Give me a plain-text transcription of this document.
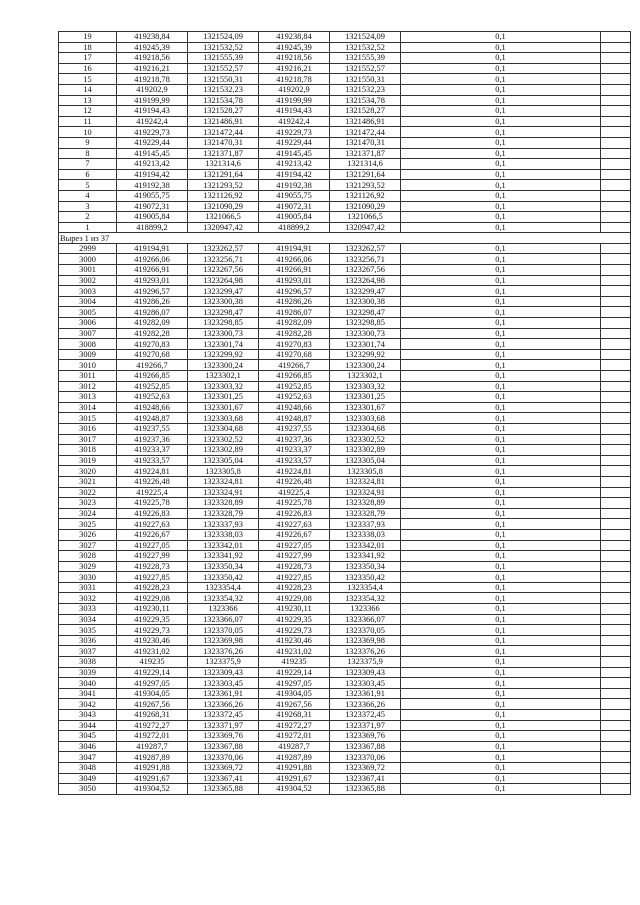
19	419238,84	1321524,09	419238,84	1321524,09	0,1	
18	419245,39	1321532,52	419245,39	1321532,52	0,1	
17	419218,56	1321555,39	419218,56	1321555,39	0,1	
16	419216,21	1321552,57	419216,21	1321552,57	0,1	
15	419218,78	1321550,31	419218,78	1321550,31	0,1	
14	419202,9	1321532,23	419202,9	1321532,23	0,1	
13	419199,99	1321534,78	419199,99	1321534,78	0,1	
12	419194,43	1321528,27	419194,43	1321528,27	0,1	
11	419242,4	1321486,91	419242,4	1321486,91	0,1	
10	419229,73	1321472,44	419229,73	1321472,44	0,1	
9	419229,44	1321470,31	419229,44	1321470,31	0,1	
8	419145,45	1321371,87	419145,45	1321371,87	0,1	
7	419213,42	1321314,6	419213,42	1321314,6	0,1	
6	419194,42	1321291,64	419194,42	1321291,64	0,1	
5	419192,38	1321293,52	419192,38	1321293,52	0,1	
4	419055,75	1321126,92	419055,75	1321126,92	0,1	
3	419072,31	1321090,29	419072,31	1321090,29	0,1	
2	419005,84	1321066,5	419005,84	1321066,5	0,1	
1	418899,2	1320947,42	418899,2	1320947,42	0,1	
Вырез 1 из 37						
2999	419194,91	1323262,57	419194,91	1323262,57	0,1	
3000	419266,06	1323256,71	419266,06	1323256,71	0,1	
3001	419266,91	1323267,56	419266,91	1323267,56	0,1	
3002	419293,01	1323264,98	419293,01	1323264,98	0,1	
3003	419296,57	1323299,47	419296,57	1323299,47	0,1	
3004	419286,26	1323300,38	419286,26	1323300,38	0,1	
3005	419286,07	1323298,47	419286,07	1323298,47	0,1	
3006	419282,09	1323298,85	419282,09	1323298,85	0,1	
3007	419282,28	1323300,73	419282,28	1323300,73	0,1	
3008	419270,83	1323301,74	419270,83	1323301,74	0,1	
3009	419270,68	1323299,92	419270,68	1323299,92	0,1	
3010	419266,7	1323300,24	419266,7	1323300,24	0,1	
3011	419266,85	1323302,1	419266,85	1323302,1	0,1	
3012	419252,85	1323303,32	419252,85	1323303,32	0,1	
3013	419252,63	1323301,25	419252,63	1323301,25	0,1	
3014	419248,66	1323301,67	419248,66	1323301,67	0,1	
3015	419248,87	1323303,68	419248,87	1323303,68	0,1	
3016	419237,55	1323304,68	419237,55	1323304,68	0,1	
3017	419237,36	1323302,52	419237,36	1323302,52	0,1	
3018	419233,37	1323302,89	419233,37	1323302,89	0,1	
3019	419233,57	1323305,04	419233,57	1323305,04	0,1	
3020	419224,81	1323305,8	419224,81	1323305,8	0,1	
3021	419226,48	1323324,81	419226,48	1323324,81	0,1	
3022	419225,4	1323324,91	419225,4	1323324,91	0,1	
3023	419225,78	1323328,89	419225,78	1323328,89	0,1	
3024	419226,83	1323328,79	419226,83	1323328,79	0,1	
3025	419227,63	1323337,93	419227,63	1323337,93	0,1	
3026	419226,67	1323338,03	419226,67	1323338,03	0,1	
3027	419227,05	1323342,01	419227,05	1323342,01	0,1	
3028	419227,99	1323341,92	419227,99	1323341,92	0,1	
3029	419228,73	1323350,34	419228,73	1323350,34	0,1	
3030	419227,85	1323350,42	419227,85	1323350,42	0,1	
3031	419228,23	1323354,4	419228,23	1323354,4	0,1	
3032	419229,08	1323354,32	419229,08	1323354,32	0,1	
3033	419230,11	1323366	419230,11	1323366	0,1	
3034	419229,35	1323366,07	419229,35	1323366,07	0,1	
3035	419229,73	1323370,05	419229,73	1323370,05	0,1	
3036	419230,46	1323369,98	419230,46	1323369,98	0,1	
3037	419231,02	1323376,26	419231,02	1323376,26	0,1	
3038	419235	1323375,9	419235	1323375,9	0,1	
3039	419229,14	1323309,43	419229,14	1323309,43	0,1	
3040	419297,05	1323303,45	419297,05	1323303,45	0,1	
3041	419304,05	1323361,91	419304,05	1323361,91	0,1	
3042	419267,56	1323366,26	419267,56	1323366,26	0,1	
3043	419268,31	1323372,45	419268,31	1323372,45	0,1	
3044	419272,27	1323371,97	419272,27	1323371,97	0,1	
3045	419272,01	1323369,76	419272,01	1323369,76	0,1	
3046	419287,7	1323367,88	419287,7	1323367,88	0,1	
3047	419287,89	1323370,06	419287,89	1323370,06	0,1	
3048	419291,88	1323369,72	419291,88	1323369,72	0,1	
3049	419291,67	1323367,41	419291,67	1323367,41	0,1	
3050	419304,52	1323365,88	419304,52	1323365,88	0,1	
